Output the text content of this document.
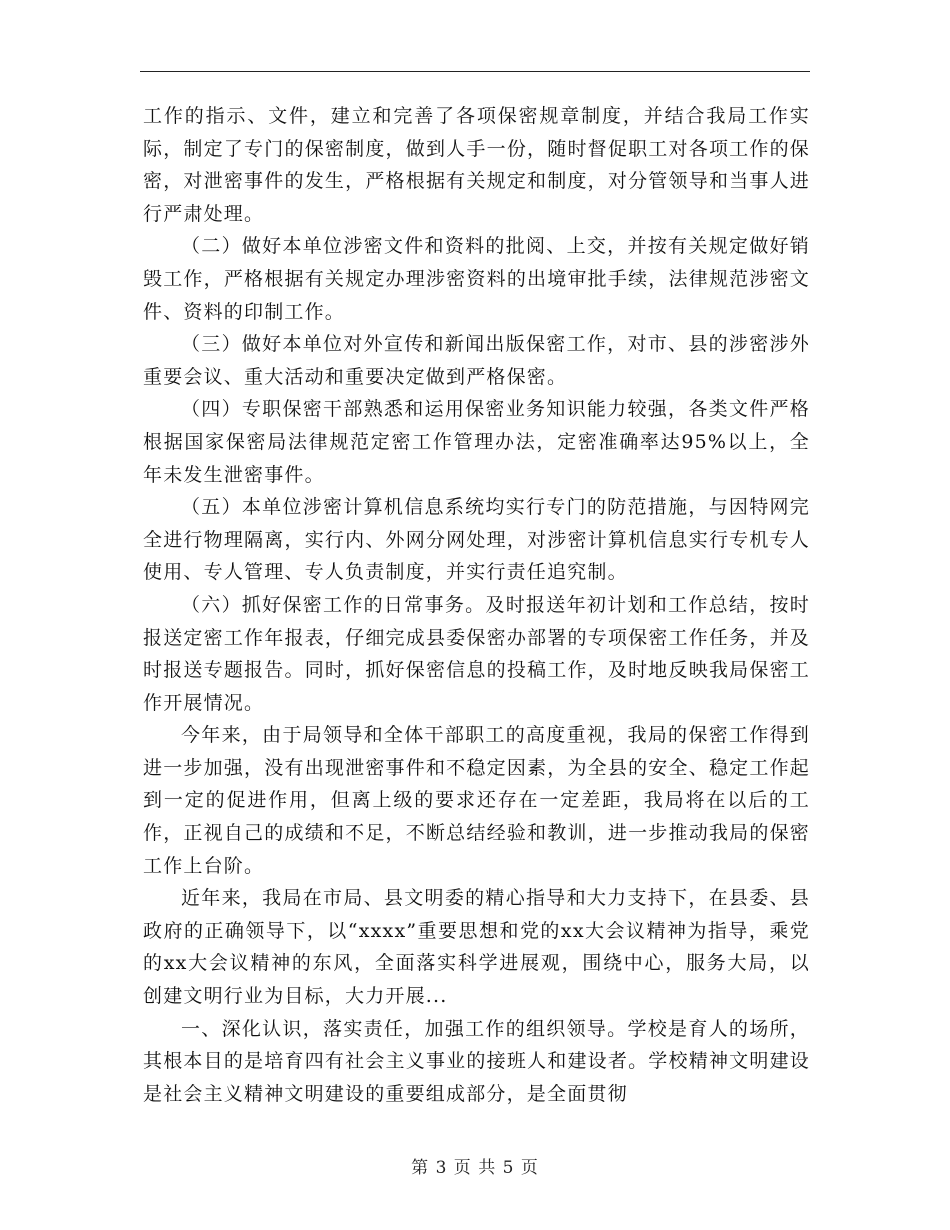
工作的指示、文件，建立和完善了各项保密规章制度，并结合我局工作实际，制定了专门的保密制度，做到人手一份，随时督促职工对各项工作的保密，对泄密事件的发生，严格根据有关规定和制度，对分管领导和当事人进行严肃处理。

（二）做好本单位涉密文件和资料的批阅、上交，并按有关规定做好销毁工作，严格根据有关规定办理涉密资料的出境审批手续，法律规范涉密文件、资料的印制工作。

（三）做好本单位对外宣传和新闻出版保密工作，对市、县的涉密涉外重要会议、重大活动和重要决定做到严格保密。

（四）专职保密干部熟悉和运用保密业务知识能力较强，各类文件严格根据国家保密局法律规范定密工作管理办法，定密准确率达95%以上，全年未发生泄密事件。

（五）本单位涉密计算机信息系统均实行专门的防范措施，与因特网完全进行物理隔离，实行内、外网分网处理，对涉密计算机信息实行专机专人使用、专人管理、专人负责制度，并实行责任追究制。

（六）抓好保密工作的日常事务。及时报送年初计划和工作总结，按时报送定密工作年报表，仔细完成县委保密办部署的专项保密工作任务，并及时报送专题报告。同时，抓好保密信息的投稿工作，及时地反映我局保密工作开展情况。

今年来，由于局领导和全体干部职工的高度重视，我局的保密工作得到进一步加强，没有出现泄密事件和不稳定因素，为全县的安全、稳定工作起到一定的促进作用，但离上级的要求还存在一定差距，我局将在以后的工作，正视自己的成绩和不足，不断总结经验和教训，进一步推动我局的保密工作上台阶。

近年来，我局在市局、县文明委的精心指导和大力支持下，在县委、县政府的正确领导下，以“xxxx”重要思想和党的xx大会议精神为指导，乘党的xx大会议精神的东风，全面落实科学进展观，围绕中心，服务大局，以创建文明行业为目标，大力开展...

一、深化认识，落实责任，加强工作的组织领导。学校是育人的场所，其根本目的是培育四有社会主义事业的接班人和建设者。学校精神文明建设是社会主义精神文明建设的重要组成部分，是全面贯彻

第 3 页 共 5 页
